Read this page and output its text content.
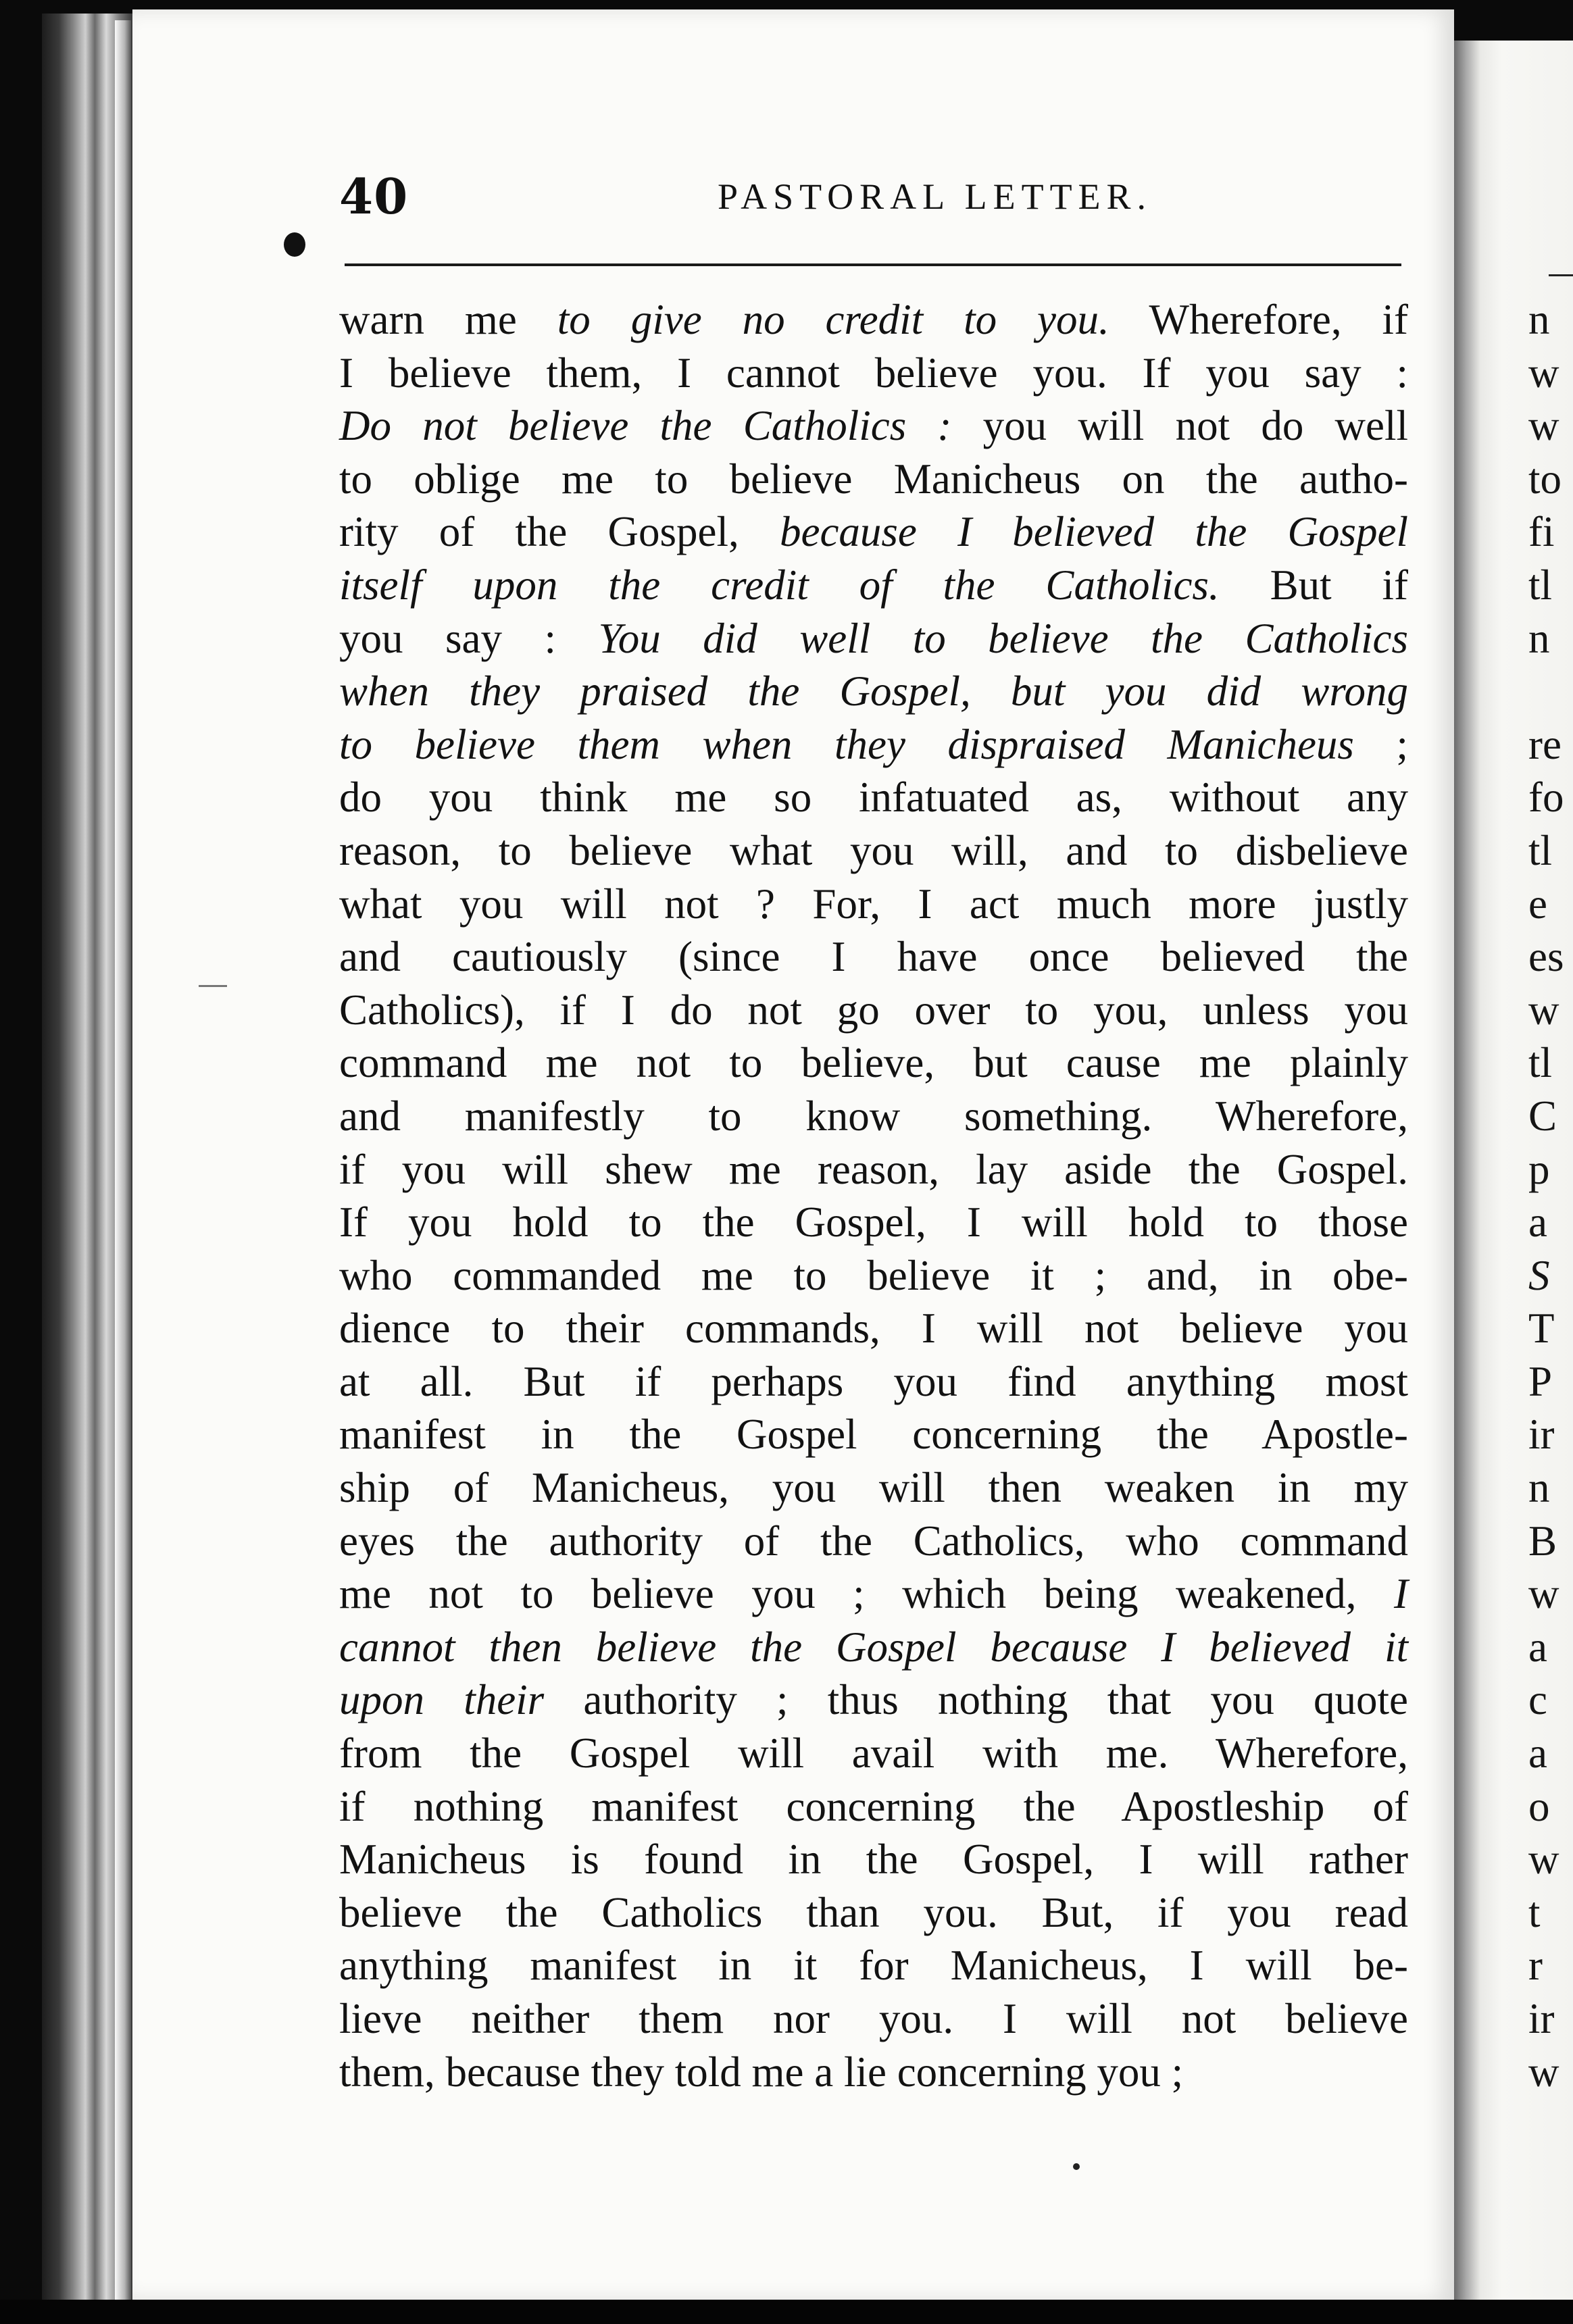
40	PASTORAL LETTER.
warn me to give no credit to you. Wherefore, if
I believe them, I cannot believe you. If you say :
Do not believe the Catholics : you will not do well
to oblige me to believe Manicheus on the autho-
rity of the Gospel, because I believed the Gospel
itself upon the credit of the Catholics. But if
you say : You did well to believe the Catholics
when they praised the Gospel, but you did wrong
to believe them when they dispraised Manicheus ;
do you think me so infatuated as, without any
reason, to believe what you will, and to disbelieve
what you will not ? For, I act much more justly
and cautiously (since I have once believed the
Catholics), if I do not go over to you, unless you
command me not to believe, but cause me plainly
and manifestly to know something. Wherefore,
if you will shew me reason, lay aside the Gospel.
If you hold to the Gospel, I will hold to those
who commanded me to believe it ; and, in obe-
dience to their commands, I will not believe you
at all. But if perhaps you find anything most
manifest in the Gospel concerning the Apostle-
ship of Manicheus, you will then weaken in my
eyes the authority of the Catholics, who command
me not to believe you ; which being weakened, I
cannot then believe the Gospel because I believed it
upon their authority ; thus nothing that you quote
from the Gospel will avail with me. Wherefore,
if nothing manifest concerning the Apostleship of
Manicheus is found in the Gospel, I will rather
believe the Catholics than you. But, if you read
anything manifest in it for Manicheus, I will be-
lieve neither them nor you. I will not believe
them, because they told me a lie concerning you ;
n
w
w
to
fi
tl
n
re
fo
tl
e
es
w
tl
C
p
a
S
T
P
ir
n
B
w
a
c
a
o
w
t
r
ir
w
